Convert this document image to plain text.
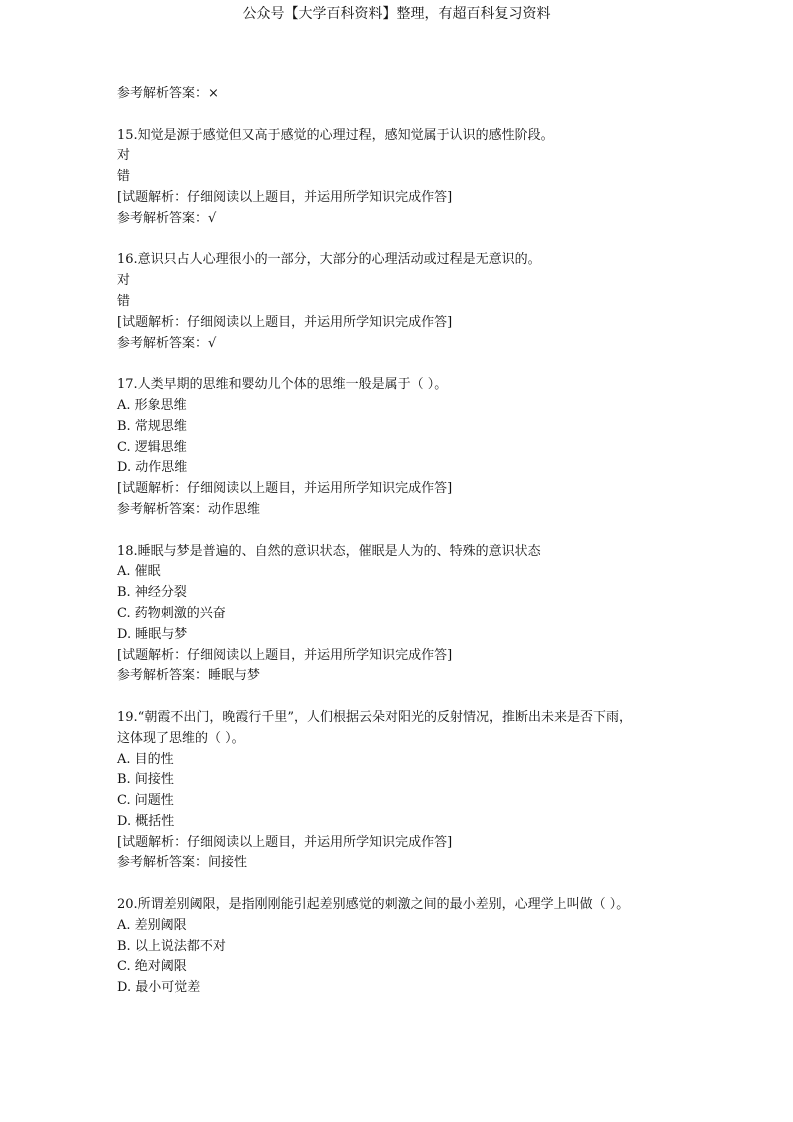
公众号【大学百科资料】整理，有超百科复习资料
参考解析答案：×
15.知觉是源于感觉但又高于感觉的心理过程，感知觉属于认识的感性阶段。
对
错
[试题解析：仔细阅读以上题目，并运用所学知识完成作答]
参考解析答案：√
16.意识只占人心理很小的一部分，大部分的心理活动或过程是无意识的。
对
错
[试题解析：仔细阅读以上题目，并运用所学知识完成作答]
参考解析答案：√
17.人类早期的思维和婴幼儿个体的思维一般是属于（ ）。
A. 形象思维
B. 常规思维
C. 逻辑思维
D. 动作思维
[试题解析：仔细阅读以上题目，并运用所学知识完成作答]
参考解析答案：动作思维
18.睡眠与梦是普遍的、自然的意识状态，催眠是人为的、特殊的意识状态
A. 催眠
B. 神经分裂
C. 药物刺激的兴奋
D. 睡眠与梦
[试题解析：仔细阅读以上题目，并运用所学知识完成作答]
参考解析答案：睡眠与梦
19.“朝霞不出门，晚霞行千里”，人们根据云朵对阳光的反射情况，推断出未来是否下雨，
这体现了思维的（ ）。
A. 目的性
B. 间接性
C. 问题性
D. 概括性
[试题解析：仔细阅读以上题目，并运用所学知识完成作答]
参考解析答案：间接性
20.所谓差别阈限，是指刚刚能引起差别感觉的刺激之间的最小差别，心理学上叫做（ ）。
A. 差别阈限
B. 以上说法都不对
C. 绝对阈限
D. 最小可觉差
